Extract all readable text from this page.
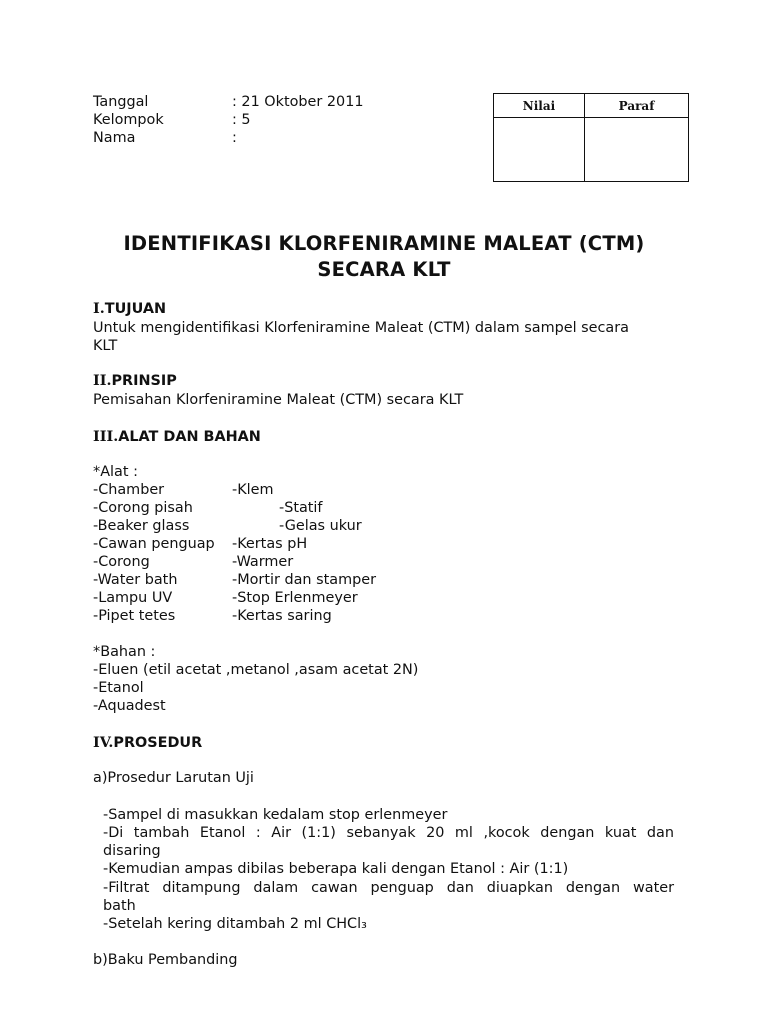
Tanggal	: 21 Oktober 2011
Kelompok	: 5
Nama	:
Nilai	Paraf

IDENTIFIKASI KLORFENIRAMINE MALEAT (CTM)
SECARA KLT
I.TUJUAN
Untuk mengidentifikasi Klorfeniramine Maleat (CTM) dalam sampel secara
KLT
II.PRINSIP
Pemisahan Klorfeniramine Maleat (CTM) secara KLT
III.ALAT DAN BAHAN
*Alat :
-Chamber	-Klem
-Corong pisah	-Statif
-Beaker glass	-Gelas ukur
-Cawan penguap -Kertas pH
-Corong	-Warmer
-Water bath	-Mortir dan stamper
-Lampu UV	-Stop Erlenmeyer
-Pipet tetes	-Kertas saring
*Bahan :
-Eluen (etil acetat ,metanol ,asam acetat 2N)
-Etanol
-Aquadest
IV.PROSEDUR
a)Prosedur Larutan Uji
-Sampel di masukkan kedalam stop erlenmeyer
-Di tambah Etanol : Air (1:1) sebanyak 20 ml ,kocok dengan kuat dan
disaring
-Kemudian ampas dibilas beberapa kali dengan Etanol : Air (1:1)
-Filtrat ditampung dalam cawan penguap dan diuapkan dengan water
bath
-Setelah kering ditambah 2 ml CHCl₃
b)Baku Pembanding
